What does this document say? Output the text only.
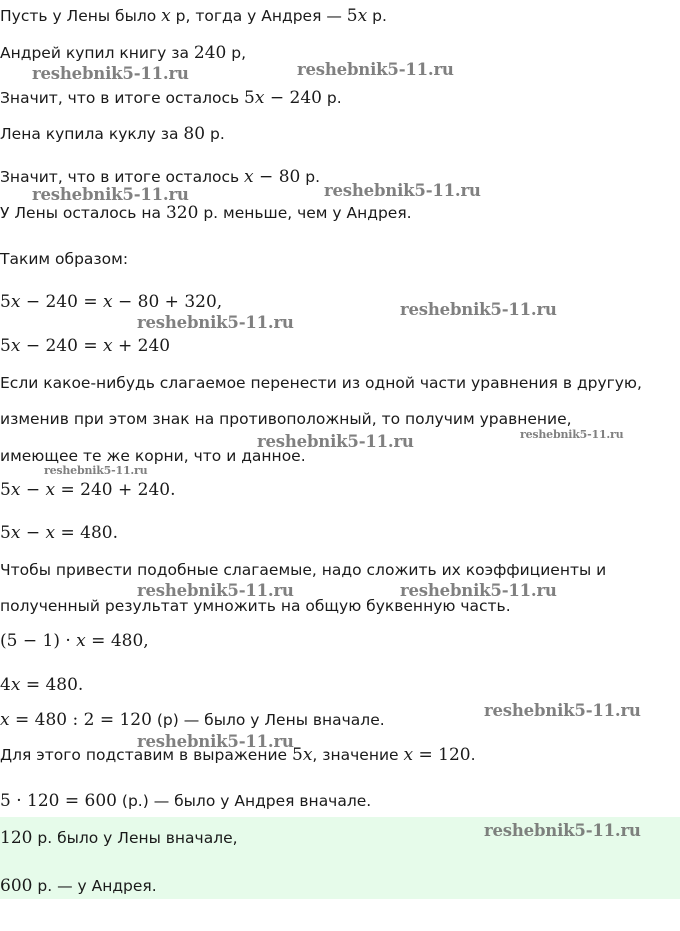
Пусть у Лены было x р, тогда у Андрея — 5x р.
Андрей купил книгу за 240 р,
Значит, что в итоге осталось 5x − 240 р.
Лена купила куклу за 80 р.
Значит, что в итоге осталось x − 80 р.
У Лены осталось на 320 р. меньше, чем у Андрея.
Таким образом:
5x − 240 = x − 80 + 320,
5x − 240 = x + 240
Если какое-нибудь слагаемое перенести из одной части уравнения в другую,
изменив при этом знак на противоположный, то получим уравнение,
имеющее те же корни, что и данное.
5x − x = 240 + 240.
5x − x = 480.
Чтобы привести подобные слагаемые, надо сложить их коэффициенты и
полученный результат умножить на общую буквенную часть.
(5 − 1) · x = 480,
4x = 480.
x = 480 : 2 = 120 (р) — было у Лены вначале.
Для этого подставим в выражение 5x, значение x = 120.
5 · 120 = 600 (р.) — было у Андрея вначале.
120 р. было у Лены вначале,
600 р. — у Андрея.
reshebnik5-11.ru	reshebnik5-11.ru
reshebnik5-11.ru	reshebnik5-11.ru
reshebnik5-11.ru
reshebnik5-11.ru
reshebnik5-11.ru	reshebnik5-11.ru
reshebnik5-11.ru
reshebnik5-11.ru	reshebnik5-11.ru
reshebnik5-11.ru
reshebnik5-11.ru
reshebnik5-11.ru
